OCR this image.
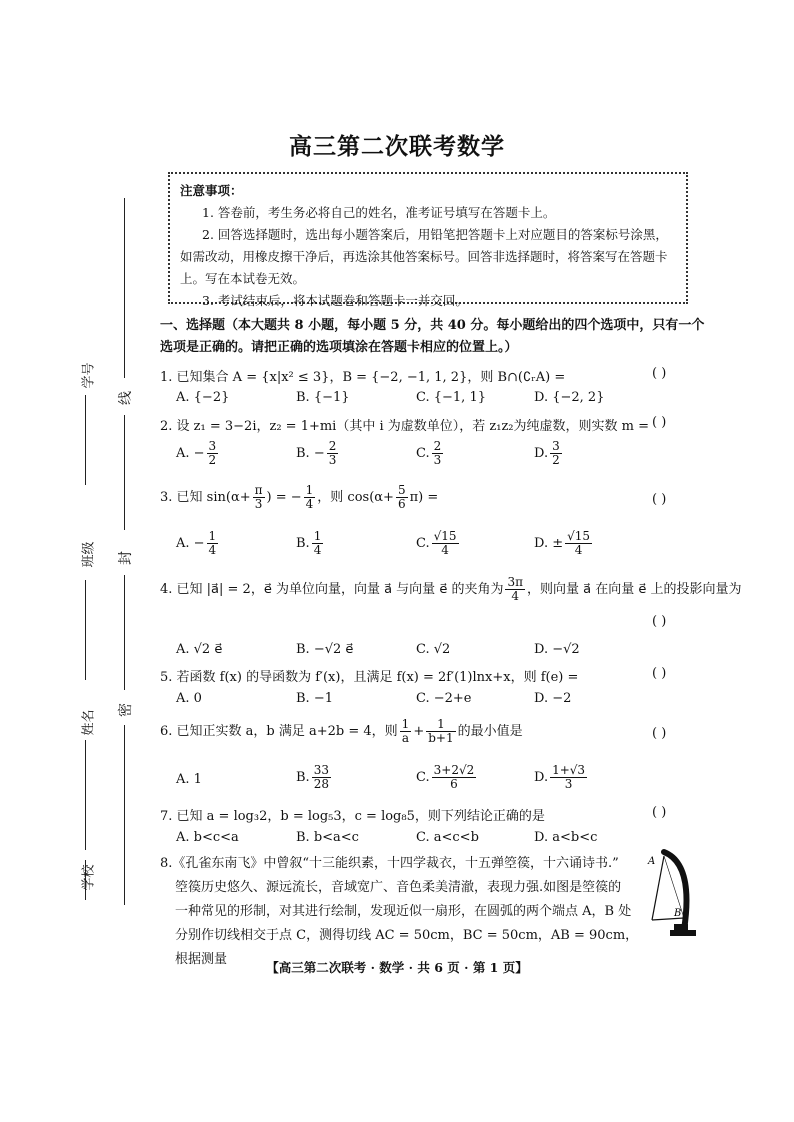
学号
班级
姓名
学校
线
封
密
高三第二次联考数学
注意事项：
1. 答卷前，考生务必将自己的姓名，准考证号填写在答题卡上。
2. 回答选择题时，选出每小题答案后，用铅笔把答题卡上对应题目的答案标号涂黑，如需改动，用橡皮擦干净后，再选涂其他答案标号。回答非选择题时，将答案写在答题卡上。写在本试卷无效。
3. 考试结束后，将本试题卷和答题卡一并交回。
一、选择题（本大题共 8 小题，每小题 5 分，共 40 分。每小题给出的四个选项中，只有一个选项是正确的。请把正确的选项填涂在答题卡相应的位置上。）
1. 已知集合 A = {x|x² ≤ 3}，B = {−2, −1, 1, 2}，则 B∩(∁ᵣA) =	( )
A. {−2}	B. {−1}	C. {−1, 1}	D. {−2, 2}
2. 设 z₁ = 3−2i，z₂ = 1+mi（其中 i 为虚数单位），若 z₁z₂为纯虚数，则实数 m = ( )
A. − $\frac{3}{2}$	B. − $\frac{2}{3}$	C. $\frac{2}{3}$	D. $\frac{3}{2}$
3. 已知 $\sin(\alpha+ \frac{\pi}{3}$ ) = − $\frac{1}{4}$ ，则 $\cos(\alpha+ \frac{5}{6} \pi)$ =	( )
A. − $\frac{1}{4}$	B. $\frac{1}{4}$	C. $\frac{√15}{4}$	D. ± $\frac{√15}{4}$
4. 已知 |a⃗| = 2，e⃗ 为单位向量，向量 a⃗ 与向量 e⃗ 的夹角为 $\frac{3\pi}{4}$ ，则向量 a⃗ 在向量 e⃗ 上的投影向量为
( )
A. √2 e⃗	B. −√2 e⃗	C. √2	D. −√2
5. 若函数 f(x) 的导函数为 f′(x)，且满足 f(x) = 2f′(1)lnx+x，则 f(e) =	( )
A. 0	B. −1	C. −2+e	D. −2
6. 已知正实数 a，b 满足 a+2b = 4，则 $\frac{1}{a} + \frac{1}{b+1}$ 的最小值是	( )
A. 1	B. $\frac{33}{28}$	C. $\frac{3+2√2}{6}$	D. $\frac{1+√3}{3}$
7. 已知 a = log₃2，b = log₅3，c = log₈5，则下列结论正确的是	( )
A. b<c<a	B. b<a<c	C. a<c<b	D. a<b<c
8.《孔雀东南飞》中曾叙“十三能织素，十四学裁衣，十五弹箜篌，十六诵诗书.”
箜篌历史悠久、源远流长，音域宽广、音色柔美清澈，表现力强.如图是箜篌的
一种常见的形制，对其进行绘制，发现近似一扇形，在圆弧的两个端点 A，B 处
分别作切线相交于点 C，测得切线 AC = 50cm，BC = 50cm，AB = 90cm，根据测量
A
B
【高三第二次联考 · 数学 · 共 6 页 · 第 1 页】
